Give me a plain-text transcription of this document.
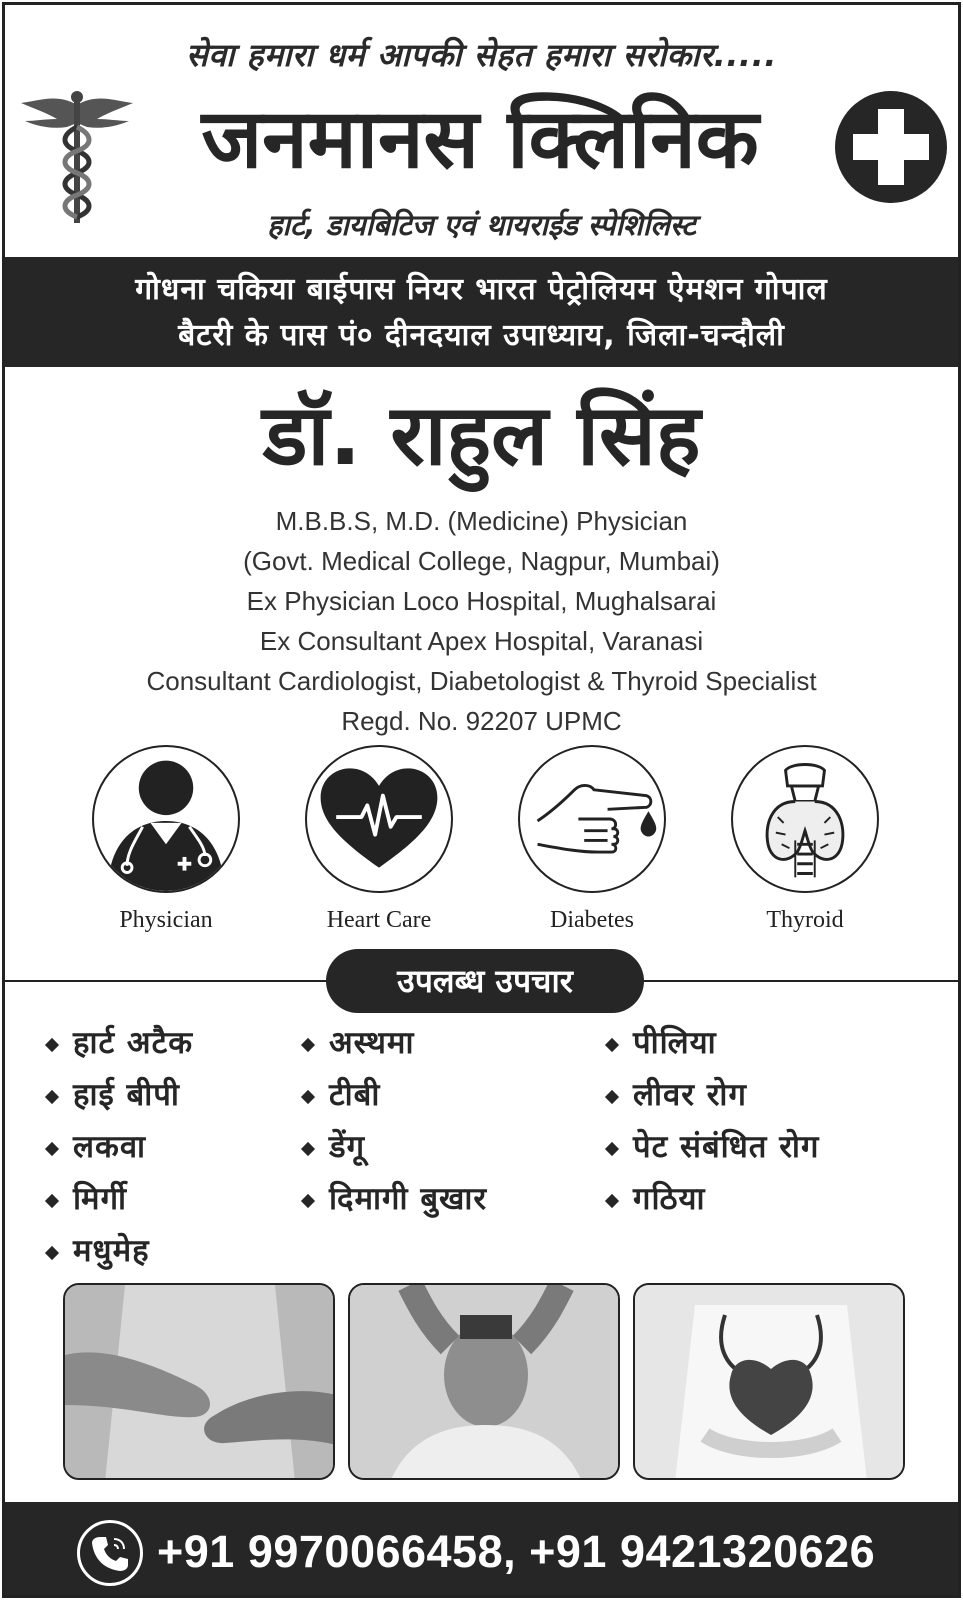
सेवा हमारा धर्म आपकी सेहत हमारा सरोकार.....
जनमानस क्लिनिक
हार्ट, डायबिटिज एवं थायराईड स्पेशिलिस्ट
गोधना चकिया बाईपास नियर भारत पेट्रोलियम ऐमशन गोपाल
बैटरी के पास पं० दीनदयाल उपाध्याय, जिला-चन्दौली
डॉ. राहुल सिंह
M.B.B.S, M.D. (Medicine) Physician
(Govt. Medical College, Nagpur, Mumbai)
Ex Physician Loco Hospital, Mughalsarai
Ex Consultant Apex Hospital, Varanasi
Consultant Cardiologist, Diabetologist & Thyroid Specialist
Regd. No. 92207 UPMC
Physician	Heart Care	Diabetes	Thyroid
उपलब्ध उपचार
हार्ट अटैक
हाई बीपी
लकवा
मिर्गी
मधुमेह
अस्थमा
टीबी
डेंगू
दिमागी बुखार
पीलिया
लीवर रोग
पेट संबंधित रोग
गठिया
+91 9970066458, +91 9421320626
